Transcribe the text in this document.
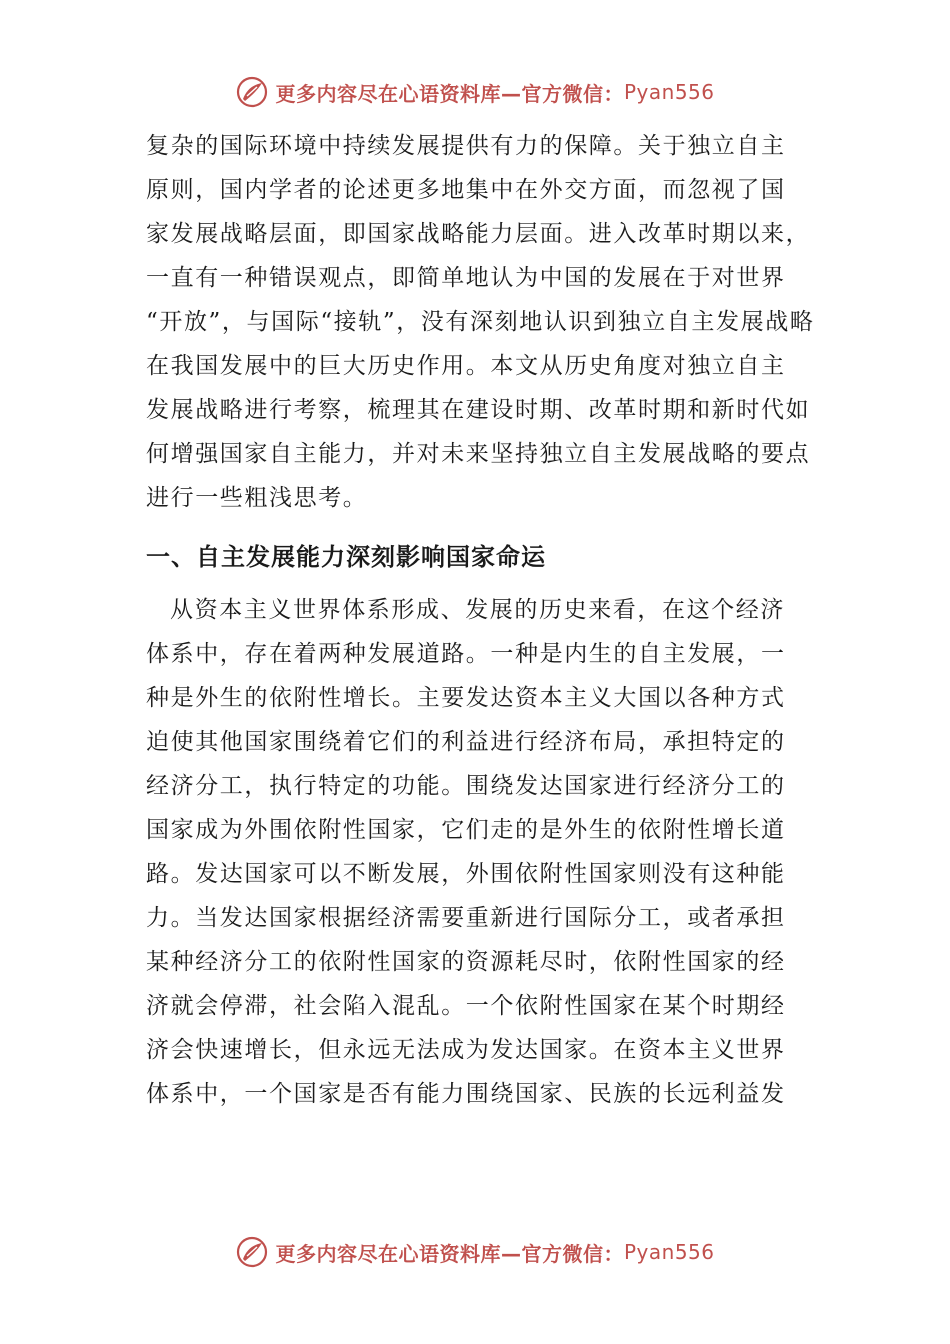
更多内容尽在心语资料库—官方微信： Pyan556
复杂的国际环境中持续发展提供有力的保障。关于独立自主
原则，国内学者的论述更多地集中在外交方面，而忽视了国
家发展战略层面，即国家战略能力层面。进入改革时期以来，
一直有一种错误观点，即简单地认为中国的发展在于对世界
“开放”，与国际“接轨”，没有深刻地认识到独立自主发展战略
在我国发展中的巨大历史作用。本文从历史角度对独立自主
发展战略进行考察，梳理其在建设时期、改革时期和新时代如
何增强国家自主能力，并对未来坚持独立自主发展战略的要点
进行一些粗浅思考。
一、自主发展能力深刻影响国家命运
从资本主义世界体系形成、发展的历史来看，在这个经济
体系中，存在着两种发展道路。一种是内生的自主发展，一
种是外生的依附性增长。主要发达资本主义大国以各种方式
迫使其他国家围绕着它们的利益进行经济布局，承担特定的
经济分工，执行特定的功能。围绕发达国家进行经济分工的
国家成为外围依附性国家，它们走的是外生的依附性增长道
路。发达国家可以不断发展，外围依附性国家则没有这种能
力。当发达国家根据经济需要重新进行国际分工，或者承担
某种经济分工的依附性国家的资源耗尽时，依附性国家的经
济就会停滞，社会陷入混乱。一个依附性国家在某个时期经
济会快速增长，但永远无法成为发达国家。在资本主义世界
体系中，一个国家是否有能力围绕国家、民族的长远利益发
更多内容尽在心语资料库—官方微信： Pyan556
